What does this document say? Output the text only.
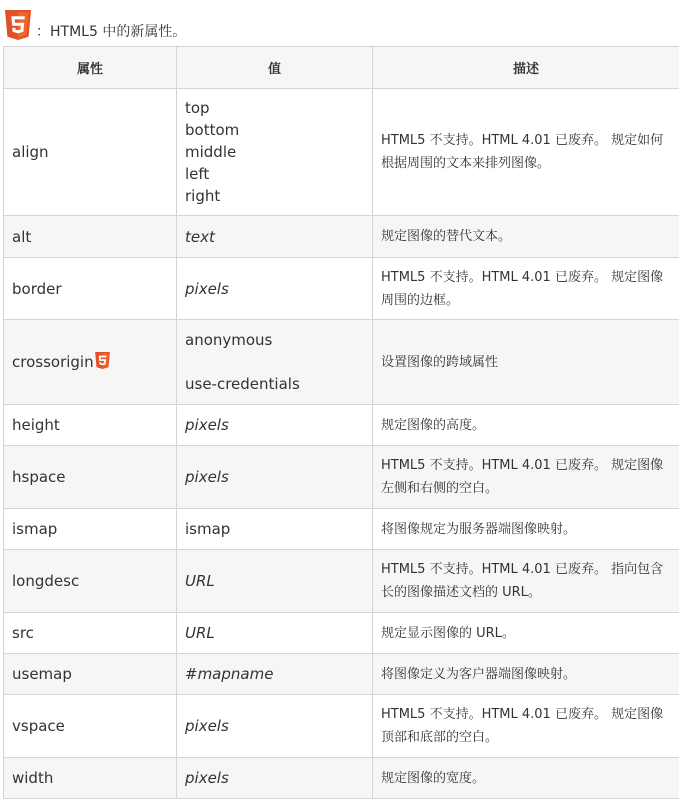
：HTML5 中的新属性。
属性	值	描述
align	top
bottom
middle
left
right	HTML5 不支持。HTML 4.01 已废弃。 规定如何根据周围的文本来排列图像。
alt	text	规定图像的替代文本。
border	pixels	HTML5 不支持。HTML 4.01 已废弃。 规定图像周围的边框。
crossorigin	anonymous
use-credentials	设置图像的跨域属性
height	pixels	规定图像的高度。
hspace	pixels	HTML5 不支持。HTML 4.01 已废弃。 规定图像左侧和右侧的空白。
ismap	ismap	将图像规定为服务器端图像映射。
longdesc	URL	HTML5 不支持。HTML 4.01 已废弃。 指向包含长的图像描述文档的 URL。
src	URL	规定显示图像的 URL。
usemap	#mapname	将图像定义为客户器端图像映射。
vspace	pixels	HTML5 不支持。HTML 4.01 已废弃。 规定图像顶部和底部的空白。
width	pixels	规定图像的宽度。
